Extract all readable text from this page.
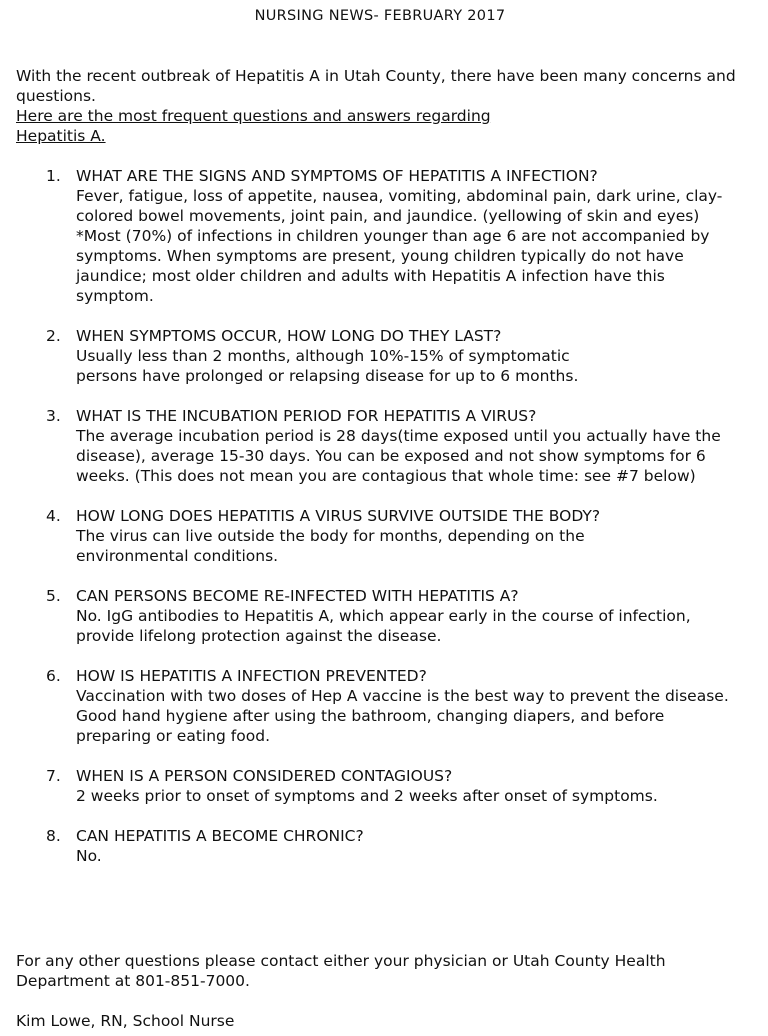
NURSING NEWS- FEBRUARY 2017

With the recent outbreak of Hepatitis A in Utah County, there have been many concerns and questions.

Here are the most frequent questions and answers regarding

Hepatitis A.

1. WHAT ARE THE SIGNS AND SYMPTOMS OF HEPATITIS A INFECTION?

Fever, fatigue, loss of appetite, nausea, vomiting, abdominal pain, dark urine, clay-colored bowel movements, joint pain, and jaundice. (yellowing of skin and eyes)

*Most (70%) of infections in children younger than age 6 are not accompanied by symptoms. When symptoms are present, young children typically do not have jaundice; most older children and adults with Hepatitis A infection have this symptom.

2. WHEN SYMPTOMS OCCUR, HOW LONG DO THEY LAST?

Usually less than 2 months, although 10%-15% of symptomatic persons have prolonged or relapsing disease for up to 6 months.

3. WHAT IS THE INCUBATION PERIOD FOR HEPATITIS A VIRUS?

The average incubation period is 28 days(time exposed until you actually have the disease), average 15-30 days. You can be exposed and not show symptoms for 6 weeks. (This does not mean you are contagious that whole time: see #7 below)

4. HOW LONG DOES HEPATITIS A VIRUS SURVIVE OUTSIDE THE BODY?

The virus can live outside the body for months, depending on the environmental conditions.

5. CAN PERSONS BECOME RE-INFECTED WITH HEPATITIS A?

No. IgG antibodies to Hepatitis A, which appear early in the course of infection, provide lifelong protection against the disease.

6. HOW IS HEPATITIS A INFECTION PREVENTED?

Vaccination with two doses of Hep A vaccine is the best way to prevent the disease. Good hand hygiene after using the bathroom, changing diapers, and before preparing or eating food.

7. WHEN IS A PERSON CONSIDERED CONTAGIOUS?

2 weeks prior to onset of symptoms and 2 weeks after onset of symptoms.

8. CAN HEPATITIS A BECOME CHRONIC?

No.

For any other questions please contact either your physician or Utah County Health Department at 801-851-7000.

Kim Lowe, RN, School Nurse
